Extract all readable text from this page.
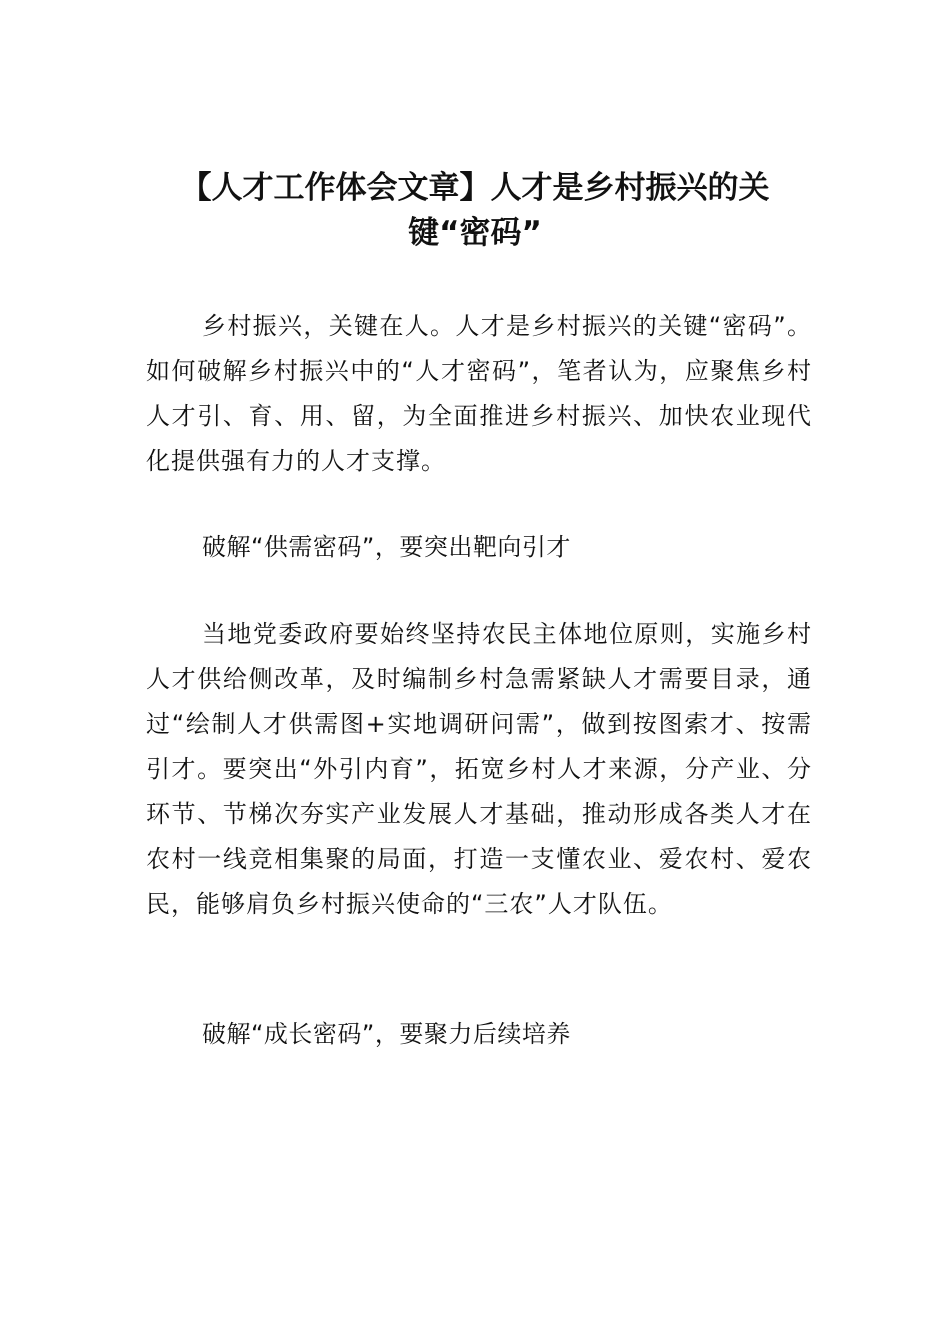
【人才工作体会文章】人才是乡村振兴的关
键“密码”

乡村振兴，关键在人。人才是乡村振兴的关键“密码”。如何破解乡村振兴中的“人才密码”，笔者认为，应聚焦乡村人才引、育、用、留，为全面推进乡村振兴、加快农业现代化提供强有力的人才支撑。

破解“供需密码”，要突出靶向引才

当地党委政府要始终坚持农民主体地位原则，实施乡村人才供给侧改革，及时编制乡村急需紧缺人才需要目录，通过“绘制人才供需图+实地调研问需”，做到按图索才、按需引才。要突出“外引内育”，拓宽乡村人才来源，分产业、分环节、节梯次夯实产业发展人才基础，推动形成各类人才在农村一线竞相集聚的局面，打造一支懂农业、爱农村、爱农民，能够肩负乡村振兴使命的“三农”人才队伍。

破解“成长密码”，要聚力后续培养
